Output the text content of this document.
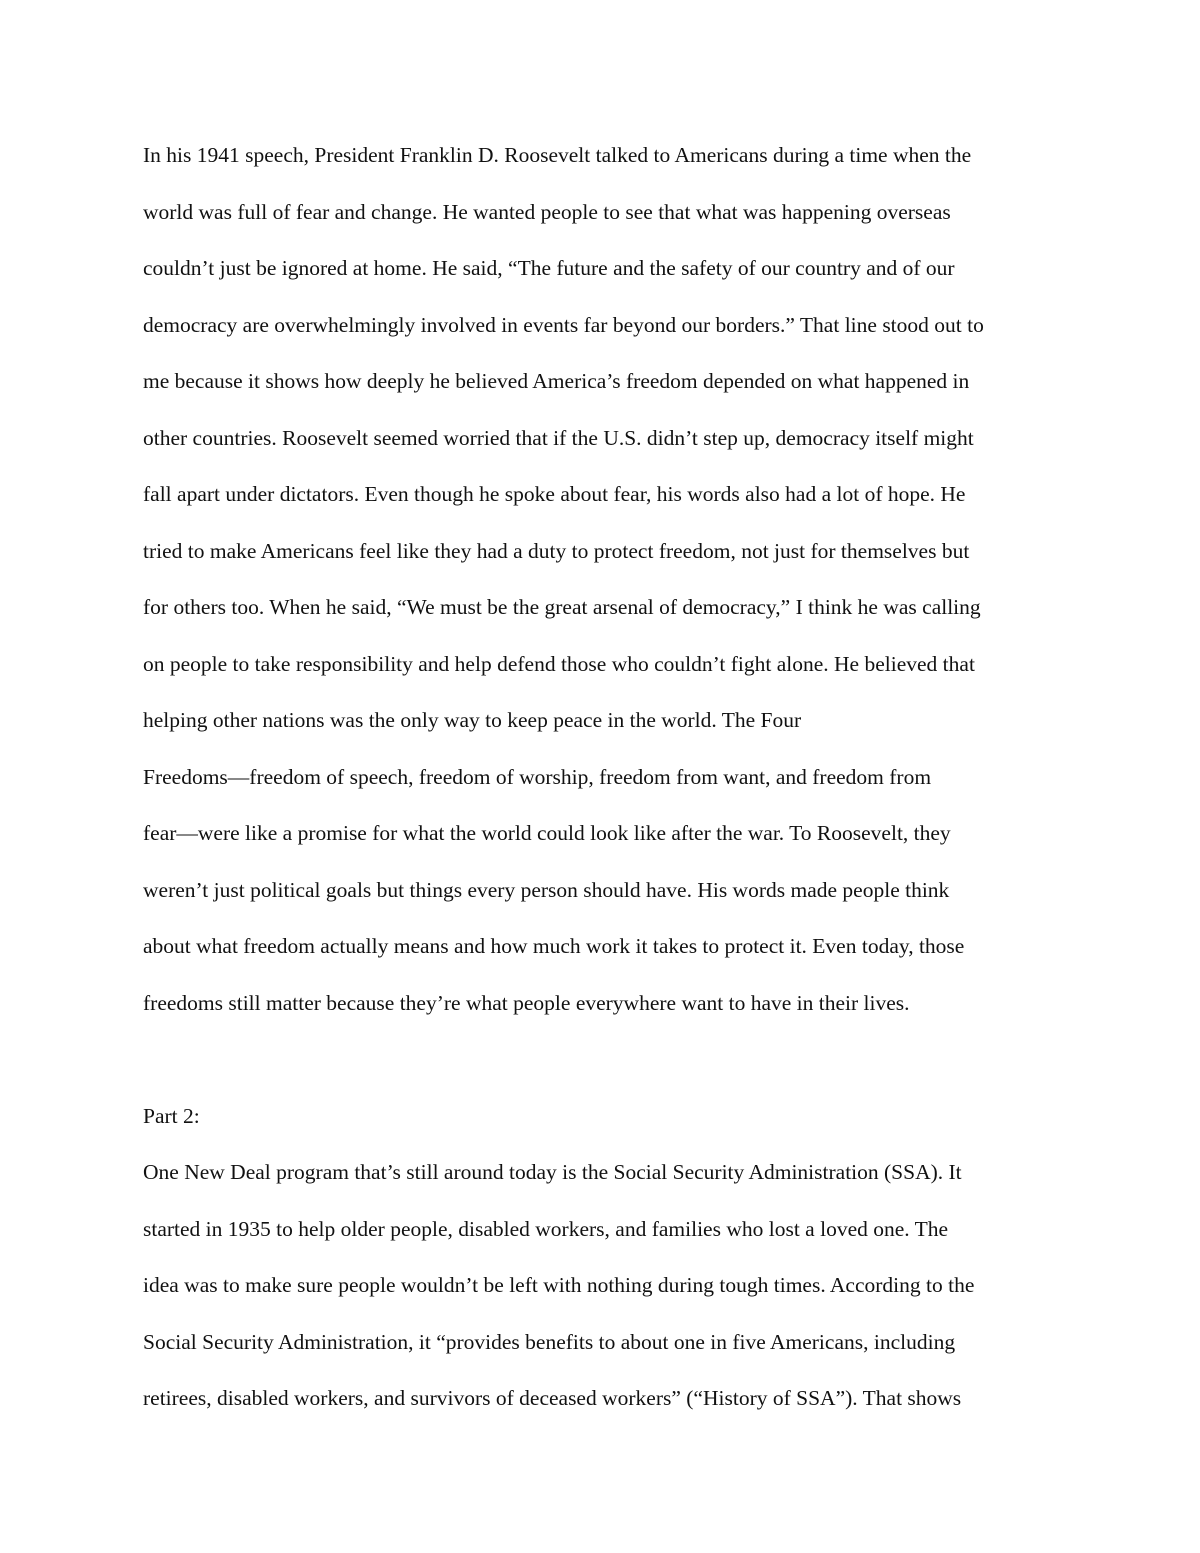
In his 1941 speech, President Franklin D. Roosevelt talked to Americans during a time when the

world was full of fear and change. He wanted people to see that what was happening overseas

couldn’t just be ignored at home. He said, “The future and the safety of our country and of our

democracy are overwhelmingly involved in events far beyond our borders.” That line stood out to

me because it shows how deeply he believed America’s freedom depended on what happened in

other countries. Roosevelt seemed worried that if the U.S. didn’t step up, democracy itself might

fall apart under dictators. Even though he spoke about fear, his words also had a lot of hope. He

tried to make Americans feel like they had a duty to protect freedom, not just for themselves but

for others too. When he said, “We must be the great arsenal of democracy,” I think he was calling

on people to take responsibility and help defend those who couldn’t fight alone. He believed that

helping other nations was the only way to keep peace in the world. The Four

Freedoms—freedom of speech, freedom of worship, freedom from want, and freedom from

fear—were like a promise for what the world could look like after the war. To Roosevelt, they

weren’t just political goals but things every person should have. His words made people think

about what freedom actually means and how much work it takes to protect it. Even today, those

freedoms still matter because they’re what people everywhere want to have in their lives.

Part 2:

One New Deal program that’s still around today is the Social Security Administration (SSA). It

started in 1935 to help older people, disabled workers, and families who lost a loved one. The

idea was to make sure people wouldn’t be left with nothing during tough times. According to the

Social Security Administration, it “provides benefits to about one in five Americans, including

retirees, disabled workers, and survivors of deceased workers” (“History of SSA”). That shows
